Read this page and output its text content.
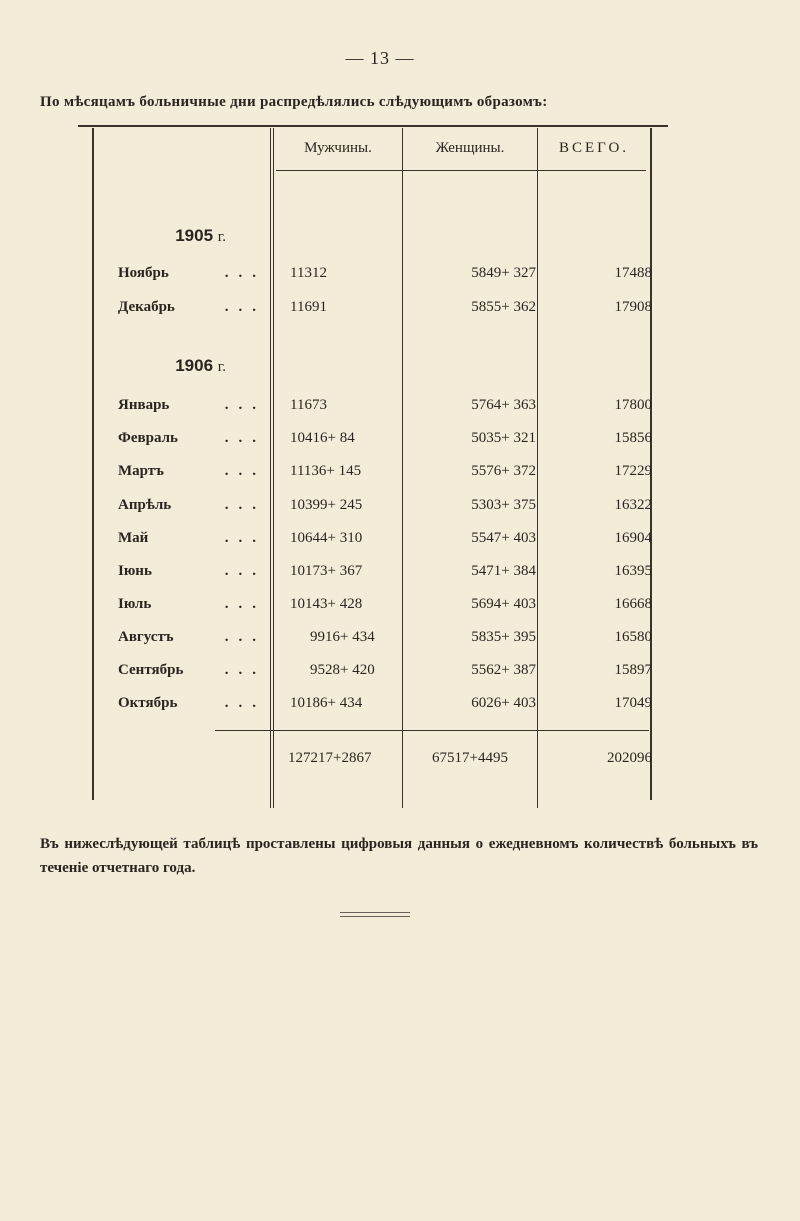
— 13 —
По мѣсяцамъ больничные дни распредѣлялись слѣдующимъ образомъ:
Мужчины.	Женщины.	ВСЕГО.
1905 г.
1906 г.
Ноябрь	... 11312	5849+ 327	17488
Декабрь	... 11691	5855+ 362	17908
Январь	... 11673	5764+ 363	17800
Февраль	... 10416+ 84	5035+ 321	15856
Мартъ	... 11136+ 145	5576+ 372	17229
Апрѣль	... 10399+ 245	5303+ 375	16322
Май	... 10644+ 310	5547+ 403	16904
Іюнь	... 10173+ 367	5471+ 384	16395
Іюль	... 10143+ 428	5694+ 403	16668
Августъ	...	9916+ 434	5835+ 395	16580
Сентябрь	...	9528+ 420	5562+ 387	15897
Октябрь	... 10186+ 434	6026+ 403	17049
127217+2867	67517+4495	202096
Въ нижеслѣдующей таблицѣ проставлены цифровыя данныя о ежедневномъ количествѣ больныхъ въ теченіе отчетнаго года.
